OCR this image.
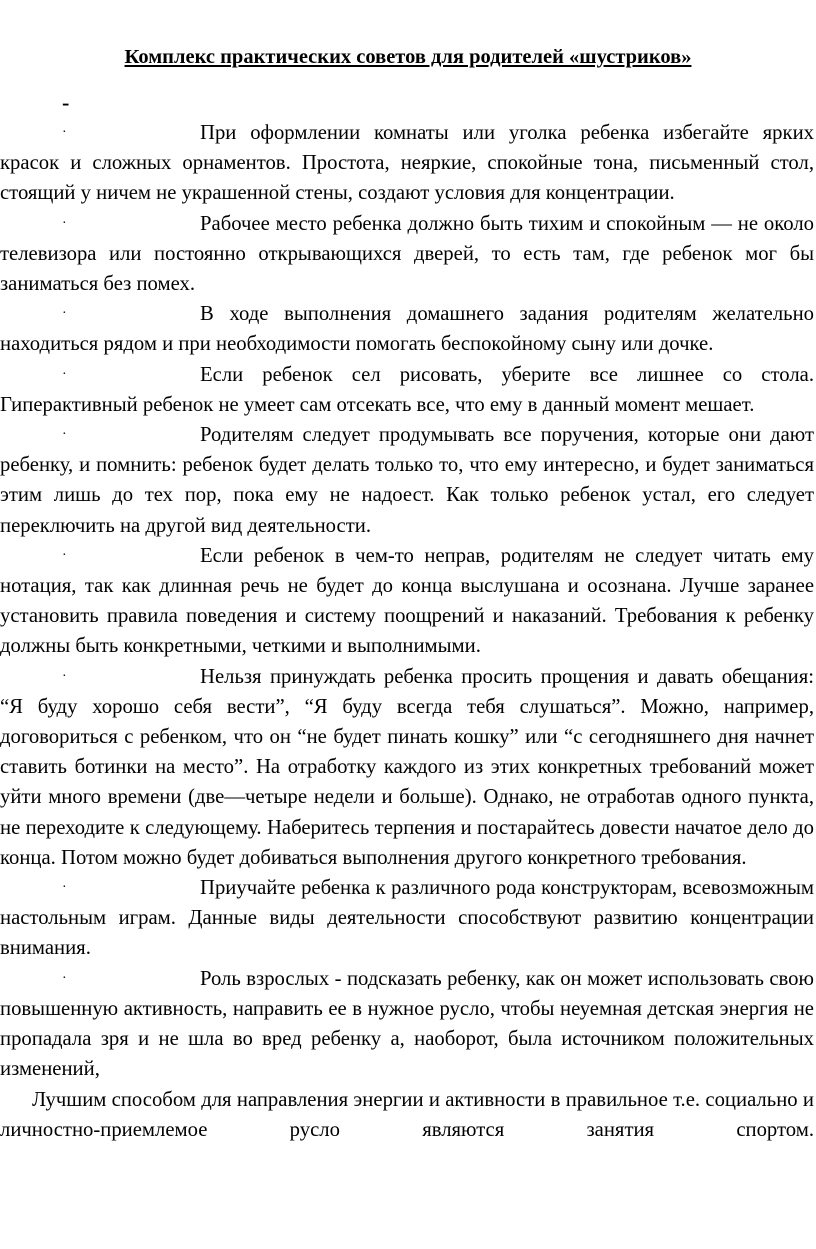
Комплекс практических советов для родителей «шустриков»
-
·	При оформлении комнаты или уголка ребенка избегайте ярких красок и сложных орнаментов. Простота, неяркие, спокойные тона, письменный стол, стоящий у ничем не украшенной стены, создают условия для концентрации.
·	Рабочее место ребенка должно быть тихим и спокойным — не около телевизора или постоянно открывающихся дверей, то есть там, где ребенок мог бы заниматься без помех.
·	В ходе выполнения домашнего задания родителям желательно находиться рядом и при необходимости помогать беспокойному сыну или дочке.
·	Если ребенок сел рисовать, уберите все лишнее со стола. Гиперактивный ребенок не умеет сам отсекать все, что ему в данный момент мешает.
·	Родителям следует продумывать все поручения, которые они дают ребенку, и помнить: ребенок будет делать только то, что ему интересно, и будет заниматься этим лишь до тех пор, пока ему не надоест. Как только ребенок устал, его следует переключить на другой вид деятельности.
·	Если ребенок в чем-то неправ, родителям не следует читать ему нотация, так как длинная речь не будет до конца выслушана и осознана. Лучше заранее установить правила поведения и систему поощрений и наказаний. Требования к ребенку должны быть конкретными, четкими и выполнимыми.
·	Нельзя принуждать ребенка просить прощения и давать обещания: “Я буду хорошо себя вести”, “Я буду всегда тебя слушаться”. Можно, например, договориться с ребенком, что он “не будет пинать кошку” или “с сегодняшнего дня начнет ставить ботинки на место”. На отработку каждого из этих конкретных требований может уйти много времени (две—четыре недели и больше). Однако, не отработав одного пункта, не переходите к следующему. Наберитесь терпения и постарайтесь довести начатое дело до конца. Потом можно будет добиваться выполнения другого конкретного требования.
·	Приучайте ребенка к различного рода конструкторам, всевозможным настольным играм. Данные виды деятельности способствуют развитию концентрации внимания.
·	Роль взрослых - подсказать ребенку, как он может использовать свою повышенную активность, направить ее в нужное русло, чтобы неуемная детская энергия не пропадала зря и не шла во вред ребенку а, наоборот, была источником положительных изменений,
Лучшим способом для направления энергии и активности в правильное т.е. социально и личностно-приемлемое русло являются занятия спортом.
